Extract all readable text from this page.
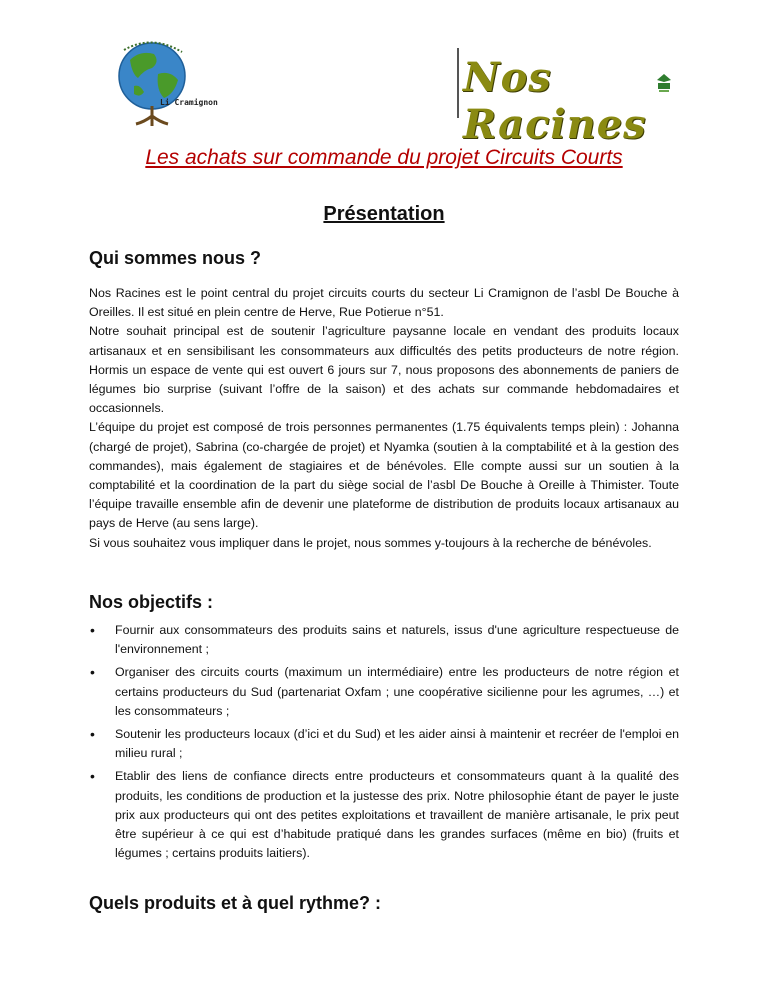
Li Cramignon
Nos Racines
Les achats sur commande du projet Circuits Courts
Présentation
Qui sommes nous ?

Nos Racines est le point central du projet circuits courts du secteur Li Cramignon de l’asbl De Bouche à Oreilles. Il est situé en plein centre de Herve, Rue Potierue n°51.

Notre souhait principal est de soutenir l’agriculture paysanne locale en vendant des produits locaux artisanaux et en sensibilisant les consommateurs aux difficultés des petits producteurs de notre région. Hormis un espace de vente qui est ouvert 6 jours sur 7, nous proposons des abonnements de paniers de légumes bio surprise (suivant l’offre de la saison) et des achats sur commande hebdomadaires et occasionnels.

L’équipe du projet est composé de trois personnes permanentes (1.75 équivalents temps plein) : Johanna (chargé de projet), Sabrina (co-chargée de projet) et Nyamka (soutien à la comptabilité et à la gestion des commandes), mais également de stagiaires et de bénévoles. Elle compte aussi sur un soutien à la comptabilité et la coordination de la part du siège social de l’asbl De Bouche à Oreille à Thimister. Toute l’équipe travaille ensemble afin de devenir une plateforme de distribution de produits locaux artisanaux au pays de Herve (au sens large).

Si vous souhaitez vous impliquer dans le projet, nous sommes y-toujours à la recherche de bénévoles.

Nos objectifs :
• Fournir aux consommateurs des produits sains et naturels, issus d'une agriculture respectueuse de l'environnement ;
• Organiser des circuits courts (maximum un intermédiaire) entre les producteurs de notre région et certains producteurs du Sud (partenariat Oxfam ; une coopérative sicilienne pour les agrumes, …) et les consommateurs ;
• Soutenir les producteurs locaux (d’ici et du Sud) et les aider ainsi à maintenir et recréer de l'emploi en milieu rural ;
• Etablir des liens de confiance directs entre producteurs et consommateurs quant à la qualité des produits, les conditions de production et la justesse des prix. Notre philosophie étant de payer le juste prix aux producteurs qui ont des petites exploitations et travaillent de manière artisanale, le prix peut être supérieur à ce qui est d’habitude pratiqué dans les grandes surfaces (même en bio) (fruits et légumes ; certains produits laitiers).
Quels produits et à quel rythme? :
